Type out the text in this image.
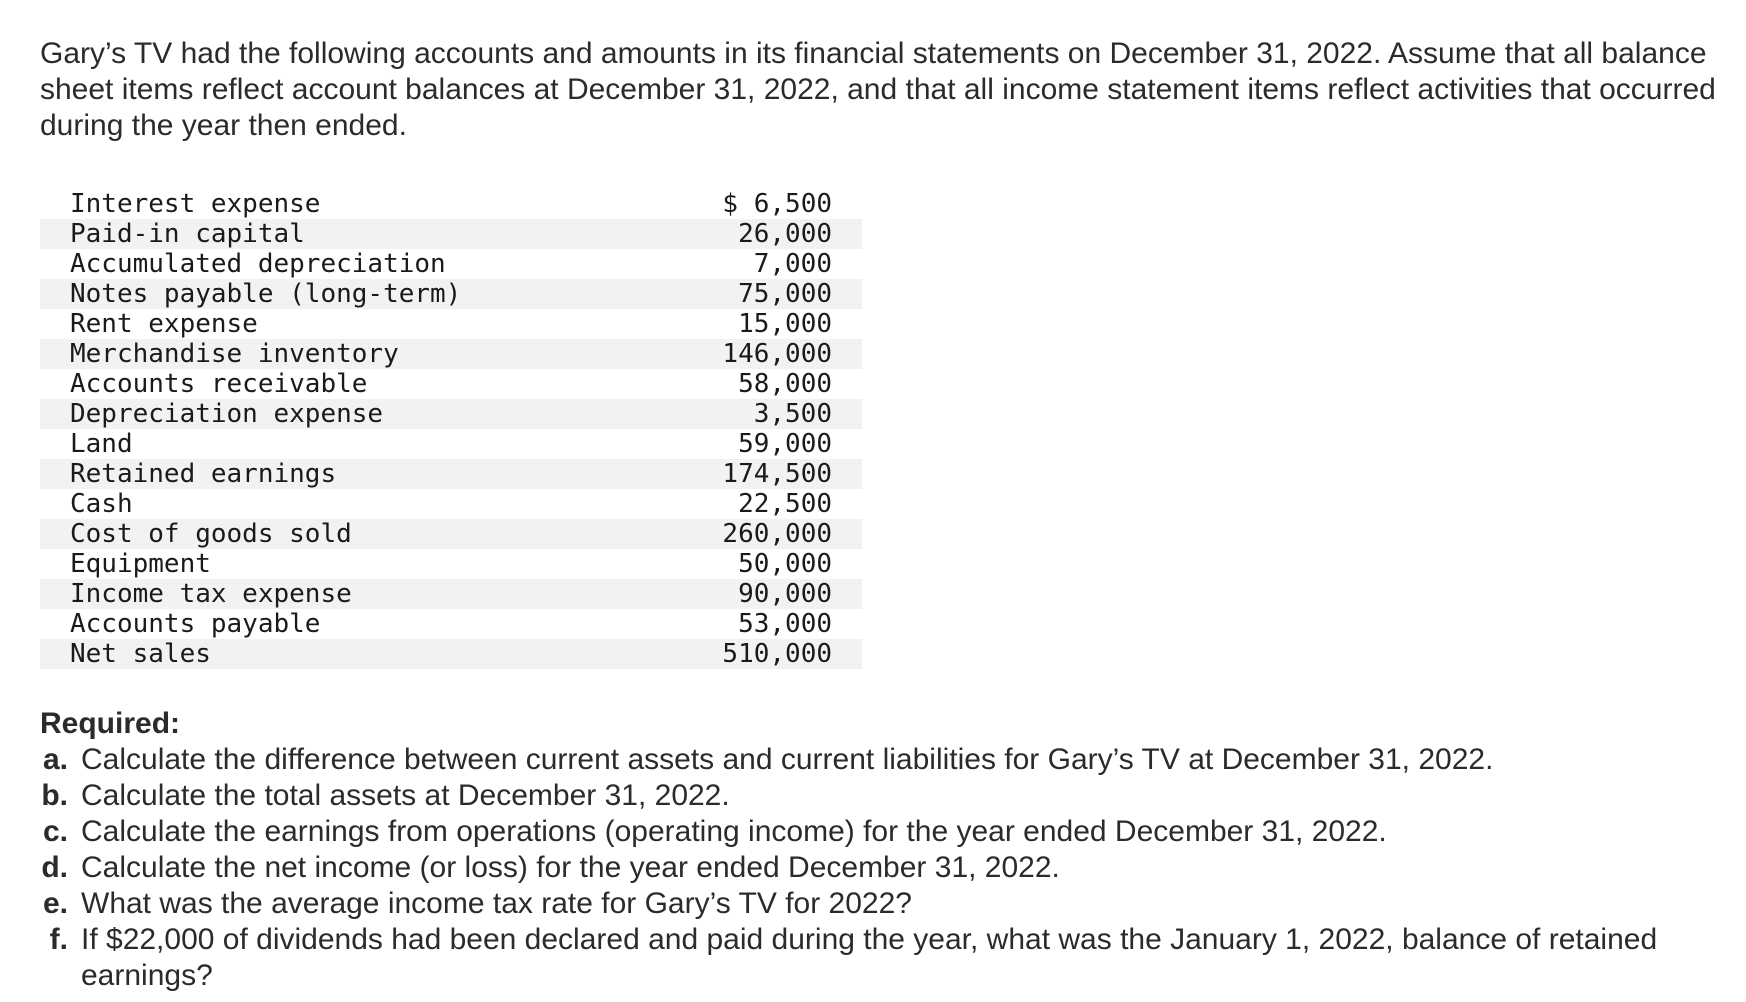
Gary’s TV had the following accounts and amounts in its financial statements on December 31, 2022. Assume that all balance sheet items reflect account balances at December 31, 2022, and that all income statement items reflect activities that occurred during the year then ended.

Interest expense	$ 6,500
Paid-in capital	26,000
Accumulated depreciation	7,000
Notes payable (long-term)	75,000
Rent expense	15,000
Merchandise inventory	146,000
Accounts receivable	58,000
Depreciation expense	3,500
Land	59,000
Retained earnings	174,500
Cash	22,500
Cost of goods sold	260,000
Equipment	50,000
Income tax expense	90,000
Accounts payable	53,000
Net sales	510,000

Required:

a. Calculate the difference between current assets and current liabilities for Gary’s TV at December 31, 2022.
b. Calculate the total assets at December 31, 2022.
c. Calculate the earnings from operations (operating income) for the year ended December 31, 2022.
d. Calculate the net income (or loss) for the year ended December 31, 2022.
e. What was the average income tax rate for Gary’s TV for 2022?
f. If $22,000 of dividends had been declared and paid during the year, what was the January 1, 2022, balance of retained earnings?
